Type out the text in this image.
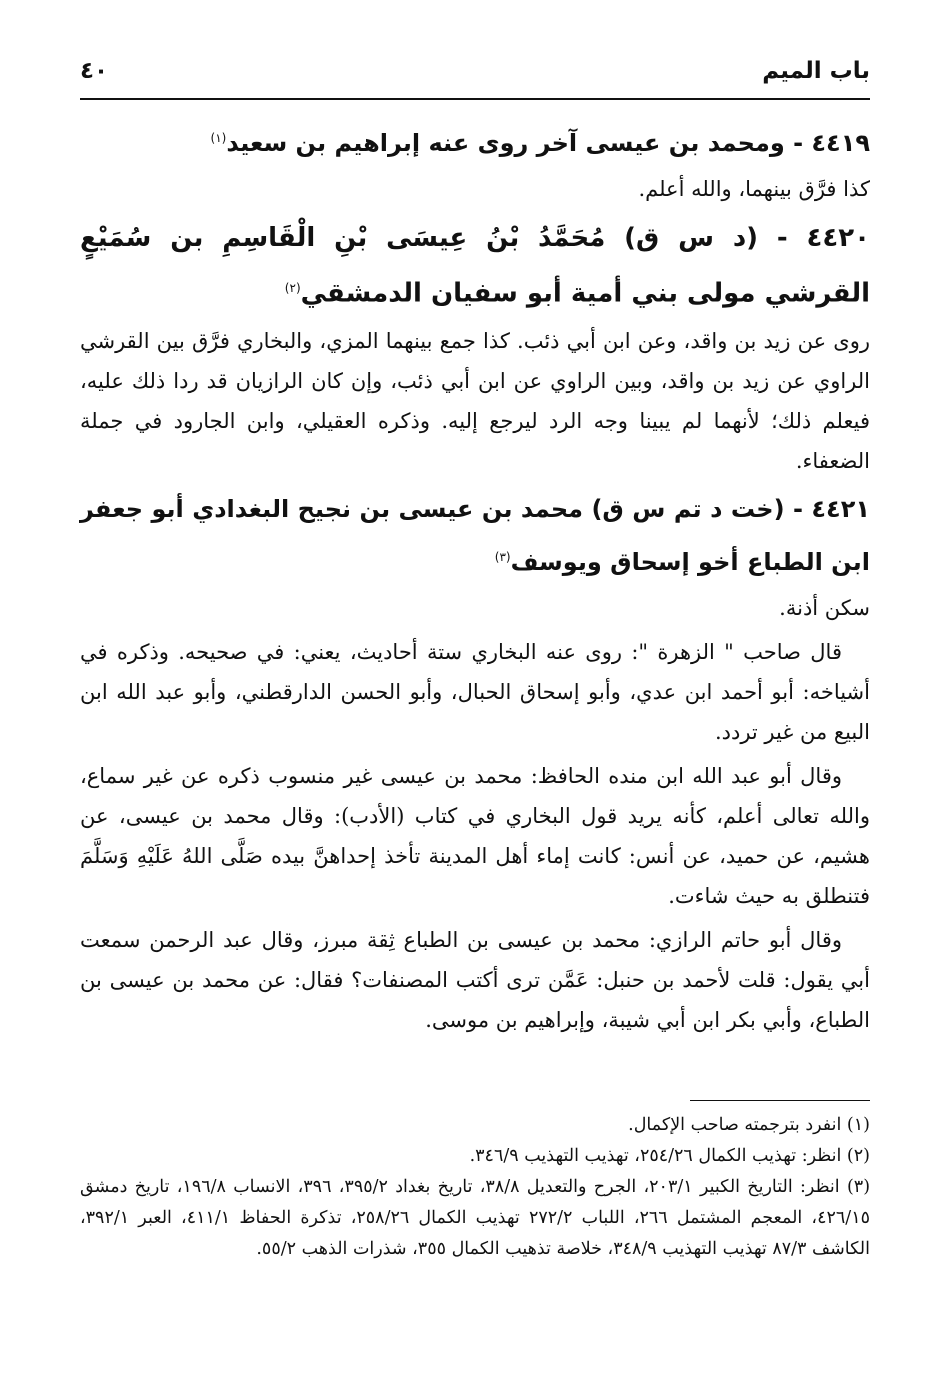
باب الميم
٤٠

٤٤١٩ - ومحمد بن عيسى آخر روى عنه إبراهيم بن سعيد$^{(١)}$

كذا فرَّق بينهما، والله أعلم.

٤٤٢٠ - (د س ق) مُحَمَّدُ بْنُ عِيسَى بْنِ الْقَاسِمِ بن سُمَيْعٍ القرشي مولى بني أمية أبو سفيان الدمشقي$^{(٢)}$

روى عن زيد بن واقد، وعن ابن أبي ذئب. كذا جمع بينهما المزي، والبخاري فرَّق بين القرشي الراوي عن زيد بن واقد، وبين الراوي عن ابن أبي ذئب، وإن كان الرازيان قد ردا ذلك عليه، فيعلم ذلك؛ لأنهما لم يبينا وجه الرد ليرجع إليه. وذكره العقيلي، وابن الجارود في جملة الضعفاء.

٤٤٢١ - (خت د تم س ق) محمد بن عيسى بن نجيح البغدادي أبو جعفر ابن الطباع أخو إسحاق ويوسف$^{(٣)}$

سكن أذنة.

قال صاحب " الزهرة ": روى عنه البخاري ستة أحاديث، يعني: في صحيحه. وذكره في أشياخه: أبو أحمد ابن عدي، وأبو إسحاق الحبال، وأبو الحسن الدارقطني، وأبو عبد الله ابن البيع من غير تردد.

وقال أبو عبد الله ابن منده الحافظ: محمد بن عيسى غير منسوب ذكره عن غير سماع، والله تعالى أعلم، كأنه يريد قول البخاري في كتاب (الأدب): وقال محمد بن عيسى، عن هشيم، عن حميد، عن أنس: كانت إماء أهل المدينة تأخذ إحداهنَّ بيده صَلَّى اللهُ عَلَيْهِ وَسَلَّمَ فتنطلق به حيث شاءت.

وقال أبو حاتم الرازي: محمد بن عيسى بن الطباع ثِقة مبرز، وقال عبد الرحمن سمعت أبي يقول: قلت لأحمد بن حنبل: عَمَّن ترى أكتب المصنفات؟ فقال: عن محمد بن عيسى بن الطباع، وأبي بكر ابن أبي شيبة، وإبراهيم بن موسى.

(١) انفرد بترجمته صاحب الإكمال.

(٢) انظر: تهذيب الكمال ٢٥٤/٢٦، تهذيب التهذيب ٣٤٦/٩.

(٣) انظر: التاريخ الكبير ٢٠٣/١، الجرح والتعديل ٣٨/٨، تاريخ بغداد ٣٩٥/٢، ٣٩٦، الانساب ١٩٦/٨، تاريخ دمشق ٤٢٦/١٥، المعجم المشتمل ٢٦٦، اللباب ٢٧٢/٢ تهذيب الكمال ٢٥٨/٢٦، تذكرة الحفاظ ٤١١/١، العبر ٣٩٢/١، الكاشف ٨٧/٣ تهذيب التهذيب ٣٤٨/٩، خلاصة تذهيب الكمال ٣٥٥، شذرات الذهب ٥٥/٢.
